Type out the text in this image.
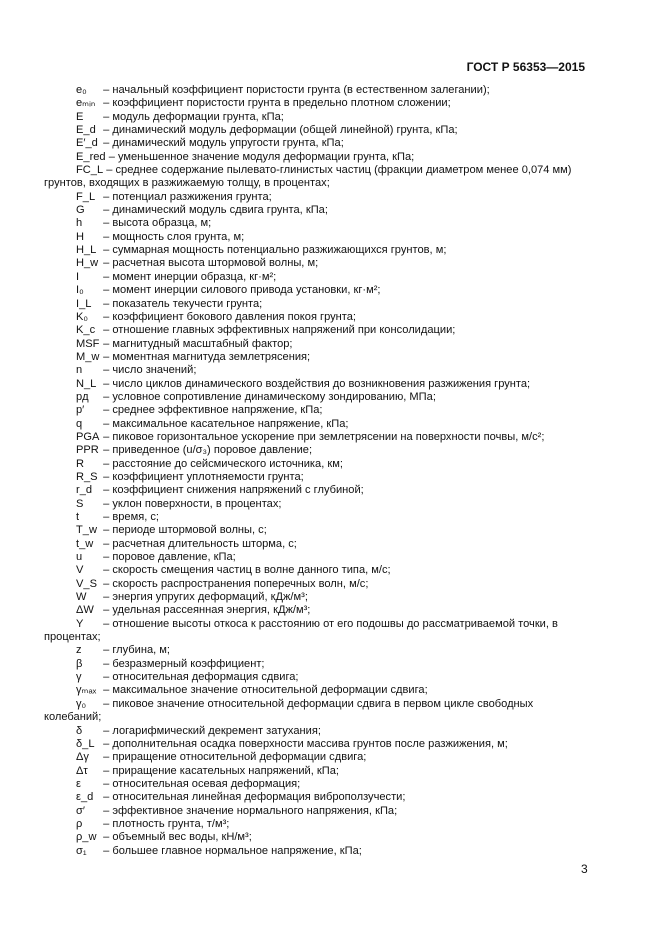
ГОСТ Р 56353—2015
e₀ – начальный коэффициент пористости грунта (в естественном залегании);
eₘᵢₙ – коэффициент пористости грунта в предельно плотном сложении;
E – модуль деформации грунта, кПа;
E_d – динамический модуль деформации (общей линейной) грунта, кПа;
E′_d – динамический модуль упругости грунта, кПа;
E_red – уменьшенное значение модуля деформации грунта, кПа;
FC_L – среднее содержание пылевато-глинистых частиц (фракции диаметром менее 0,074 мм)
грунтов, входящих в разжижаемую толщу, в процентах;
F_L – потенциал разжижения грунта;
G – динамический модуль сдвига грунта, кПа;
h – высота образца, м;
H – мощность слоя грунта, м;
H_L – суммарная мощность потенциально разжижающихся грунтов, м;
H_w – расчетная высота штормовой волны, м;
I – момент инерции образца, кг·м²;
I₀ – момент инерции силового привода установки, кг·м²;
I_L – показатель текучести грунта;
K₀ – коэффициент бокового давления покоя грунта;
K_c – отношение главных эффективных напряжений при консолидации;
MSF – магнитудный масштабный фактор;
M_w – моментная магнитуда землетрясения;
n – число значений;
N_L – число циклов динамического воздействия до возникновения разжижения грунта;
pд – условное сопротивление динамическому зондированию, МПа;
p′ – среднее эффективное напряжение, кПа;
q – максимальное касательное напряжение, кПа;
PGA – пиковое горизонтальное ускорение при землетрясении на поверхности почвы, м/с²;
PPR – приведенное (u/σ₃) поровое давление;
R – расстояние до сейсмического источника, км;
R_S – коэффициент уплотняемости грунта;
r_d – коэффициент снижения напряжений с глубиной;
S – уклон поверхности, в процентах;
t – время, с;
T_w – периоде штормовой волны, с;
t_w – расчетная длительность шторма, с;
u – поровое давление, кПа;
V – скорость смещения частиц в волне данного типа, м/с;
V_S – скорость распространения поперечных волн, м/с;
W – энергия упругих деформаций, кДж/м³;
ΔW – удельная рассеянная энергия, кДж/м³;
Y – отношение высоты откоса к расстоянию от его подошвы до рассматриваемой точки, в
процентах;
z – глубина, м;
β – безразмерный коэффициент;
γ – относительная деформация сдвига;
γₘₐₓ – максимальное значение относительной деформации сдвига;
γ₀ – пиковое значение относительной деформации сдвига в первом цикле свободных
колебаний;
δ – логарифмический декремент затухания;
δ_L – дополнительная осадка поверхности массива грунтов после разжижения, м;
Δγ – приращение относительной деформации сдвига;
Δτ – приращение касательных напряжений, кПа;
ε – относительная осевая деформация;
ε_d – относительная линейная деформация виброползучести;
σ′ – эффективное значение нормального напряжения, кПа;
ρ – плотность грунта, т/м³;
ρ_w – объемный вес воды, кН/м³;
σ₁ – большее главное нормальное напряжение, кПа;
3
